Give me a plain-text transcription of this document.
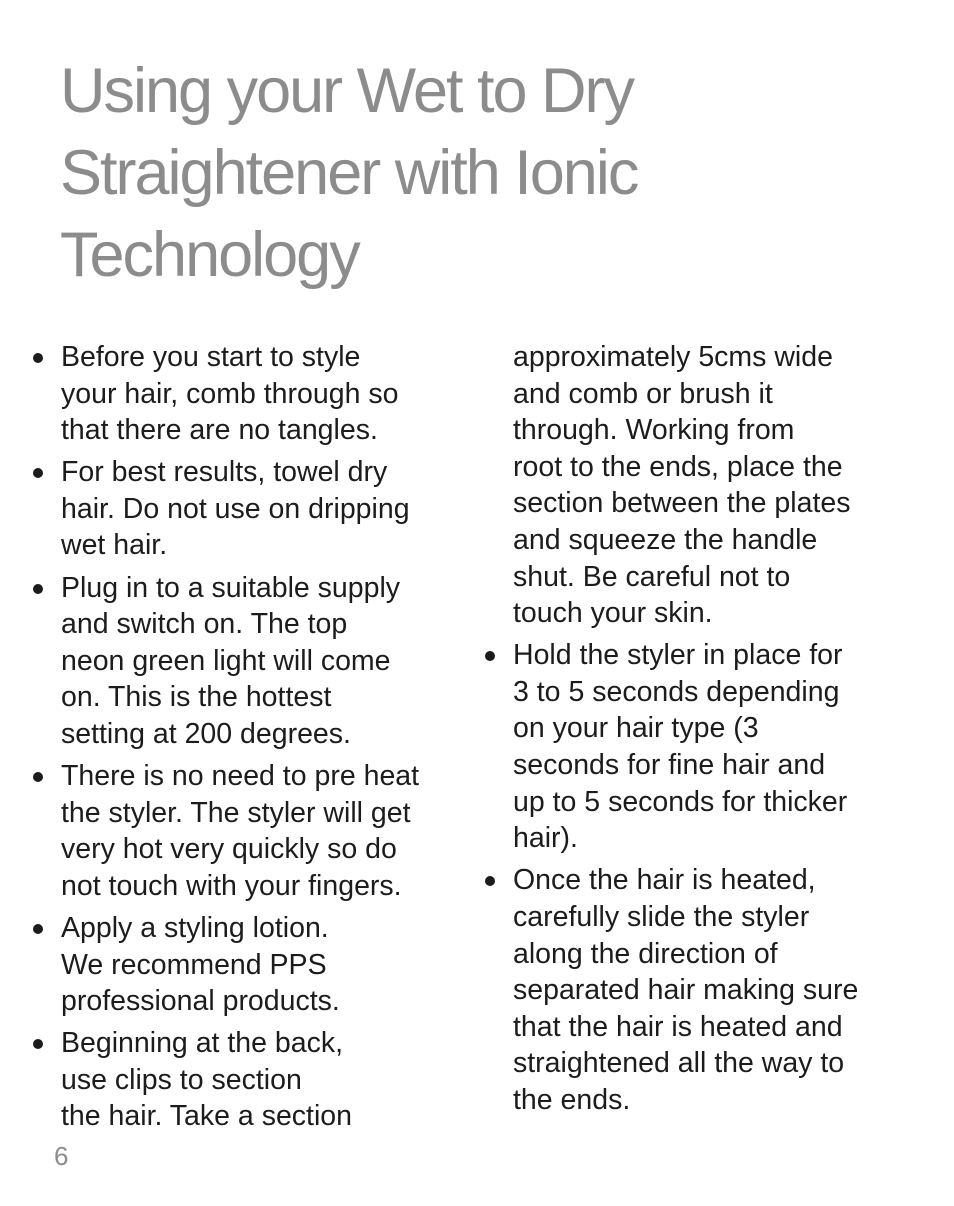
Using your Wet to Dry
Straightener with Ionic
Technology
Before you start to style
your hair, comb through so
that there are no tangles.
For best results, towel dry
hair. Do not use on dripping
wet hair.
Plug in to a suitable supply
and switch on. The top
neon green light will come
on. This is the hottest
setting at 200 degrees.
There is no need to pre heat
the styler. The styler will get
very hot very quickly so do
not touch with your fingers.
Apply a styling lotion.
We recommend PPS
professional products.
Beginning at the back,
use clips to section
the hair. Take a section
approximately 5cms wide
and comb or brush it
through. Working from
root to the ends, place the
section between the plates
and squeeze the handle
shut. Be careful not to
touch your skin.
Hold the styler in place for
3 to 5 seconds depending
on your hair type (3
seconds for fine hair and
up to 5 seconds for thicker
hair).
Once the hair is heated,
carefully slide the styler
along the direction of
separated hair making sure
that the hair is heated and
straightened all the way to
the ends.
6
